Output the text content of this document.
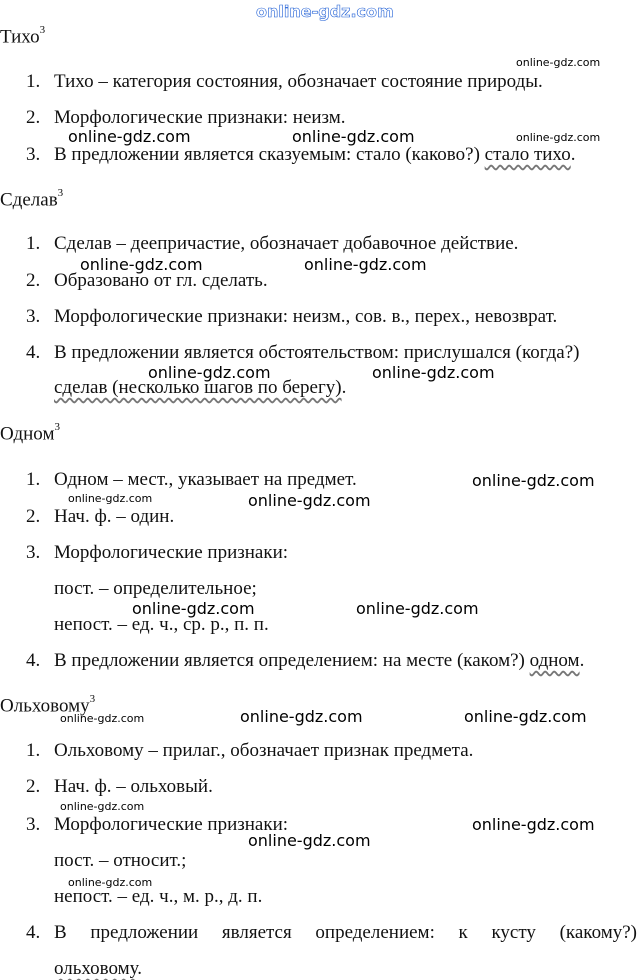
online-gdz.com
Тихо$^3$
1. Тихо – категория состояния, обозначает состояние природы.
2. Морфологические признаки: неизм.
3. В предложении является сказуемым: стало (каково?) стало тихо.
Сделав$^3$
1. Сделав – деепричастие, обозначает добавочное действие.
2. Образовано от гл. сделать.
3. Морфологические признаки: неизм., сов. в., перех., невозврат.
4. В предложении является обстоятельством: прислушался (когда?)
сделав (несколько шагов по берегу).
Одном$^3$
1. Одном – мест., указывает на предмет.
2. Нач. ф. – один.
3. Морфологические признаки:
пост. – определительное;
непост. – ед. ч., ср. р., п. п.
4. В предложении является определением: на месте (каком?) одном.
Ольховому$^3$
1. Ольховому – прилаг., обозначает признак предмета.
2. Нач. ф. – ольховый.
3. Морфологические признаки:
пост. – относит.;
непост. – ед. ч., м. р., д. п.
4. В предложении является определением: к кусту (какому?)
ольховому.
online-gdz.com
online-gdz.com	online-gdz.com	online-gdz.com
online-gdz.com	online-gdz.com
online-gdz.com	online-gdz.com
online-gdz.com
online-gdz.com	online-gdz.com
online-gdz.com	online-gdz.com
online-gdz.com	online-gdz.com	online-gdz.com
online-gdz.com
online-gdz.com
online-gdz.com
online-gdz.com
